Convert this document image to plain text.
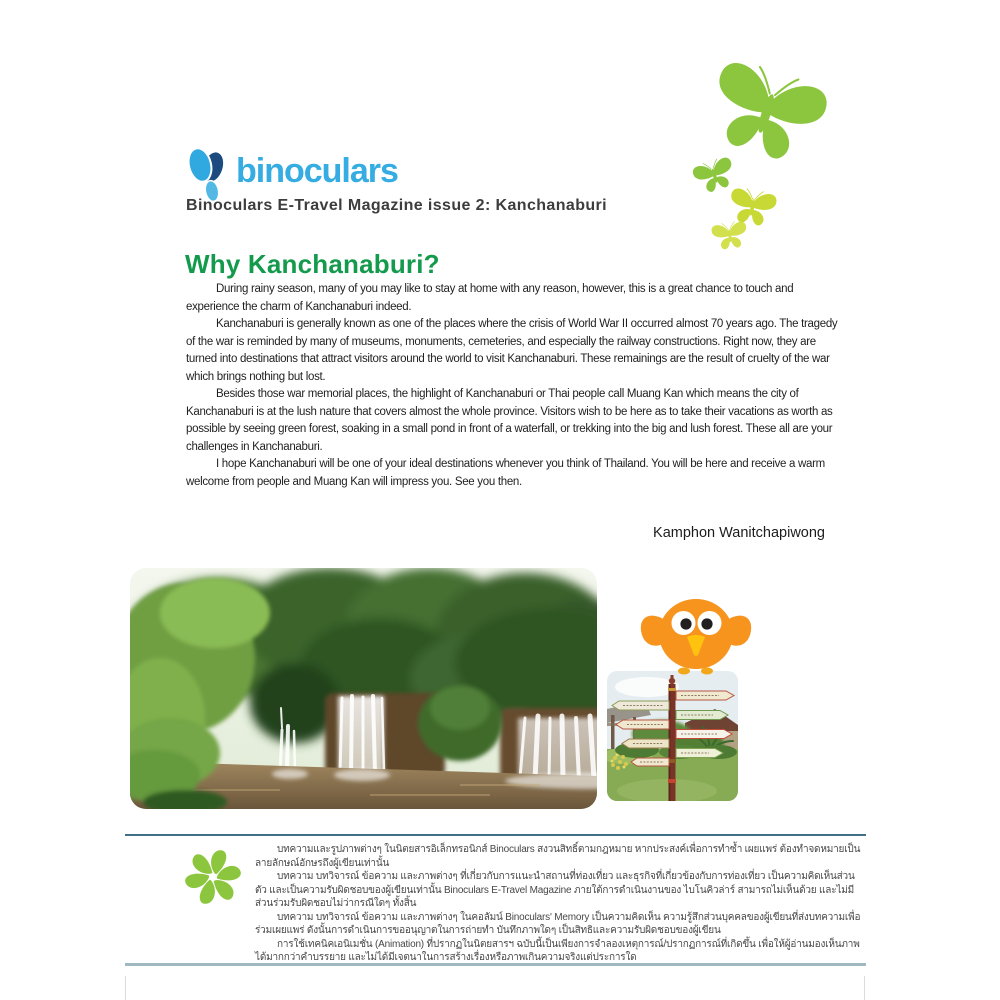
binoculars
Binoculars E-Travel Magazine issue 2: Kanchanaburi
Why Kanchanaburi?

During rainy season, many of you may like to stay at home with any reason, however, this is a great chance to touch and experience the charm of Kanchanaburi indeed.

Kanchanaburi is generally known as one of the places where the crisis of World War II occurred almost 70 years ago. The tragedy of the war is reminded by many of museums, monuments, cemeteries, and especially the railway constructions. Right now, they are turned into destinations that attract visitors around the world to visit Kanchanaburi. These remainings are the result of cruelty of the war which brings nothing but lost.

Besides those war memorial places, the highlight of Kanchanaburi or Thai people call Muang Kan which means the city of Kanchanaburi is at the lush nature that covers almost the whole province. Visitors wish to be here as to take their vacations as worth as possible by seeing green forest, soaking in a small pond in front of a waterfall, or trekking into the big and lush forest. These all are your challenges in Kanchanaburi.

I hope Kanchanaburi will be one of your ideal destinations whenever you think of Thailand. You will be here and receive a warm welcome from people and Muang Kan will impress you. See you then.

Kamphon Wanitchapiwong

บทความและรูปภาพต่างๆ ในนิตยสารอิเล็กทรอนิกส์ Binoculars สงวนสิทธิ์ตามกฎหมาย หากประสงค์เพื่อการทำซ้ำ เผยแพร่ ต้องทำจดหมายเป็นลายลักษณ์อักษรถึงผู้เขียนเท่านั้น

บทความ บทวิจารณ์ ข้อความ และภาพต่างๆ ที่เกี่ยวกับการแนะนำสถานที่ท่องเที่ยว และธุรกิจที่เกี่ยวข้องกับการท่องเที่ยว เป็นความคิดเห็นส่วนตัว และเป็นความรับผิดชอบของผู้เขียนเท่านั้น Binoculars E-Travel Magazine ภายใต้การดำเนินงานของ ไบโนคิวล่าร์ สามารถไม่เห็นด้วย และไม่มีส่วนร่วมรับผิดชอบไม่ว่ากรณีใดๆ ทั้งสิ้น

บทความ บทวิจารณ์ ข้อความ และภาพต่างๆ ในคอลัมน์ Binoculars' Memory เป็นความคิดเห็น ความรู้สึกส่วนบุคคลของผู้เขียนที่ส่งบทความเพื่อร่วมเผยแพร่ ดังนั้นการดำเนินการขออนุญาตในการถ่ายทำ บันทึกภาพใดๆ เป็นสิทธิและความรับผิดชอบของผู้เขียน

การใช้เทคนิคเอนิเมชั่น (Animation) ที่ปรากฏในนิตยสารฯ ฉบับนี้เป็นเพียงการจำลองเหตุการณ์/ปรากฏการณ์ที่เกิดขึ้น เพื่อให้ผู้อ่านมองเห็นภาพได้มากกว่าคำบรรยาย และไม่ได้มีเจตนาในการสร้างเรื่องหรือภาพเกินความจริงแต่ประการใด
